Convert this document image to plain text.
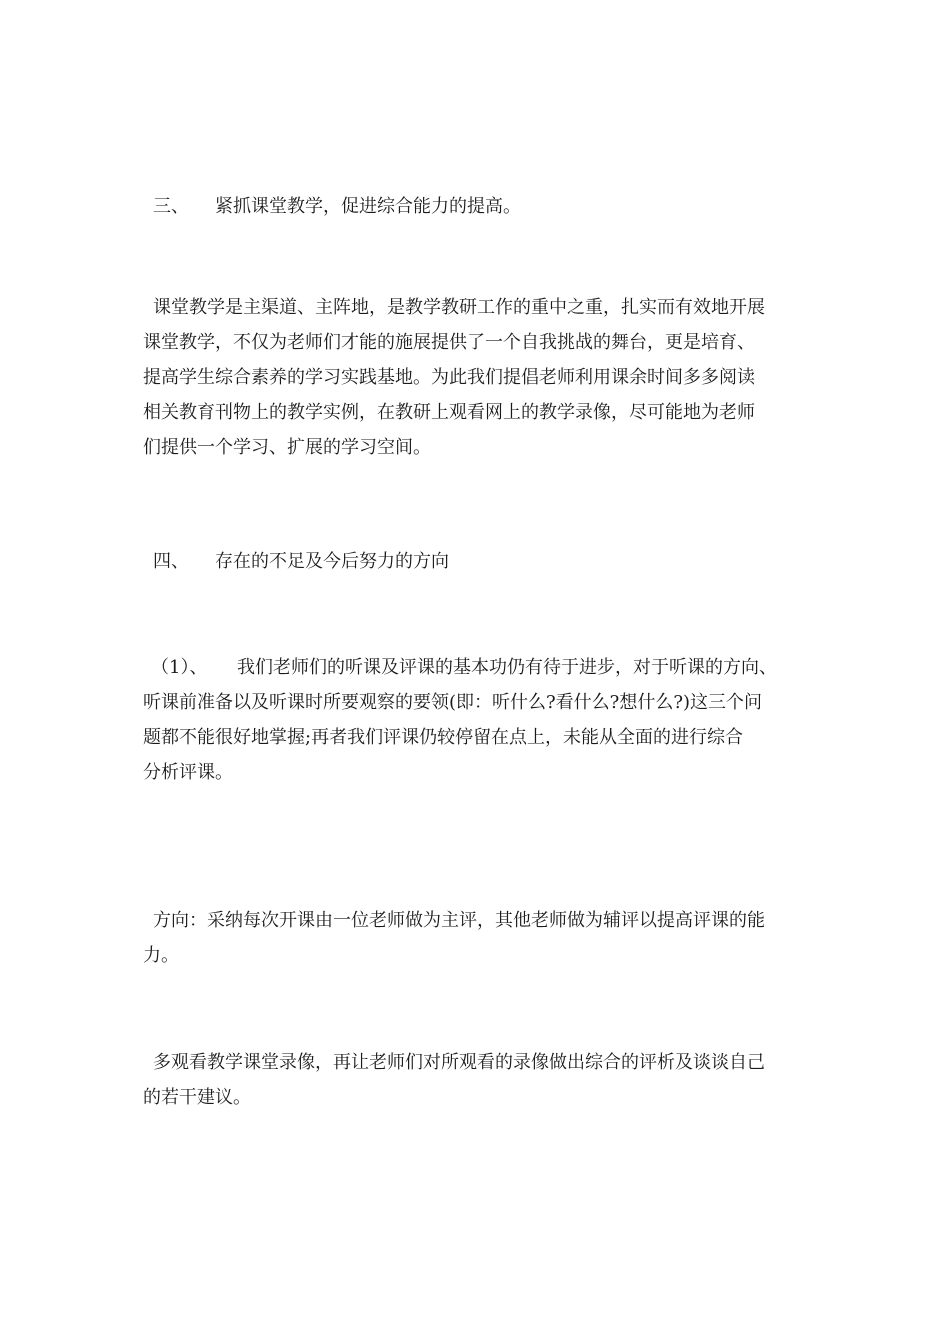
三、 紧抓课堂教学，促进综合能力的提高。
课堂教学是主渠道、主阵地，是教学教研工作的重中之重，扎实而有效地开展
课堂教学，不仅为老师们才能的施展提供了一个自我挑战的舞台，更是培育、
提高学生综合素养的学习实践基地。为此我们提倡老师利用课余时间多多阅读
相关教育刊物上的教学实例，在教研上观看网上的教学录像，尽可能地为老师
们提供一个学习、扩展的学习空间。
四、 存在的不足及今后努力的方向
（1）、 我们老师们的听课及评课的基本功仍有待于进步，对于听课的方向、
听课前准备以及听课时所要观察的要领(即：听什么?看什么?想什么?)这三个问
题都不能很好地掌握;再者我们评课仍较停留在点上，未能从全面的进行综合
分析评课。
方向：采纳每次开课由一位老师做为主评，其他老师做为辅评以提高评课的能
力。
多观看教学课堂录像，再让老师们对所观看的录像做出综合的评析及谈谈自己
的若干建议。
